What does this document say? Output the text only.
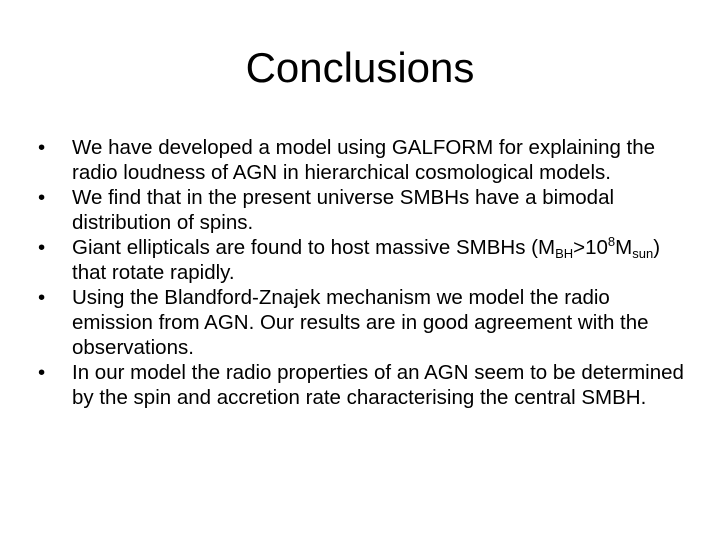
Conclusions
•	We have developed a model using GALFORM for explaining the radio loudness of AGN in hierarchical cosmological models.
•	We find that in the present universe SMBHs have a bimodal distribution of spins.
•	Giant ellipticals are found to host massive SMBHs $(M_{BH}>10^8M_{sun})$ that rotate rapidly.
•	Using the Blandford-Znajek mechanism we model the radio emission from AGN. Our results are in good agreement with the observations.
•	In our model the radio properties of an AGN seem to be determined by the spin and accretion rate characterising the central SMBH.
